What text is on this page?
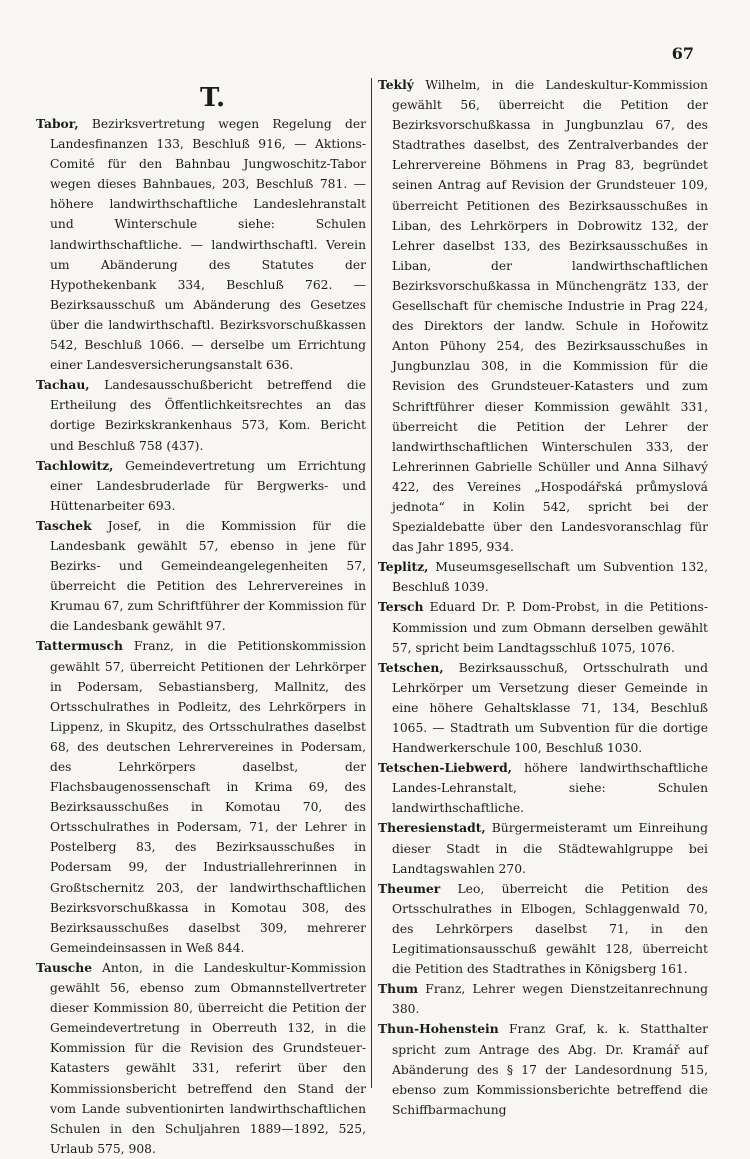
67
T.

Tabor, Bezirksvertretung wegen Regelung der Landesfinanzen 133, Beschluß 916, — Aktions-Comité für den Bahnbau Jungwoschitz-Tabor wegen dieses Bahnbaues, 203, Beschluß 781. — höhere landwirthschaftliche Landeslehranstalt und Winterschule siehe: Schulen landwirthschaftliche. — landwirthschaftl. Verein um Abänderung des Statutes der Hypothekenbank 334, Beschluß 762. — Bezirksausschuß um Abänderung des Gesetzes über die landwirthschaftl. Bezirksvorschußkassen 542, Beschluß 1066. — derselbe um Errichtung einer Landesversicherungsanstalt 636.

Tachau, Landesausschußbericht betreffend die Ertheilung des Öffentlichkeitsrechtes an das dortige Bezirkskrankenhaus 573, Kom. Bericht und Beschluß 758 (437).

Tachlowitz, Gemeindevertretung um Errichtung einer Landesbruderlade für Bergwerks- und Hüttenarbeiter 693.

Taschek Josef, in die Kommission für die Landesbank gewählt 57, ebenso in jene für Bezirks- und Gemeindeangelegenheiten 57, überreicht die Petition des Lehrervereines in Krumau 67, zum Schriftführer der Kommission für die Landesbank gewählt 97.

Tattermusch Franz, in die Petitionskommission gewählt 57, überreicht Petitionen der Lehrkörper in Podersam, Sebastiansberg, Mallnitz, des Ortsschulrathes in Podleitz, des Lehrkörpers in Lippenz, in Skupitz, des Ortsschulrathes daselbst 68, des deutschen Lehrervereines in Podersam, des Lehrkörpers daselbst, der Flachsbaugenossenschaft in Krima 69, des Bezirksausschußes in Komotau 70, des Ortsschulrathes in Podersam, 71, der Lehrer in Postelberg 83, des Bezirksausschußes in Podersam 99, der Industriallehrerinnen in Großtschernitz 203, der landwirthschaftlichen Bezirksvorschußkassa in Komotau 308, des Bezirksausschußes daselbst 309, mehrerer Gemeindeinsassen in Weß 844.

Tausche Anton, in die Landeskultur-Kommission gewählt 56, ebenso zum Obmannstellvertreter dieser Kommission 80, überreicht die Petition der Gemeindevertretung in Oberreuth 132, in die Kommission für die Revision des Grundsteuer-Katasters gewählt 331, referirt über den Kommissionsbericht betreffend den Stand der vom Lande subventionirten landwirthschaftlichen Schulen in den Schuljahren 1889—1892, 525, Urlaub 575, 908.

Teklý Wilhelm, in die Landeskultur-Kommission gewählt 56, überreicht die Petition der Bezirksvorschußkassa in Jungbunzlau 67, des Stadtrathes daselbst, des Zentralverbandes der Lehrervereine Böhmens in Prag 83, begründet seinen Antrag auf Revision der Grundsteuer 109, überreicht Petitionen des Bezirksausschußes in Liban, des Lehrkörpers in Dobrowitz 132, der Lehrer daselbst 133, des Bezirksausschußes in Liban, der landwirthschaftlichen Bezirksvorschußkassa in Münchengrätz 133, der Gesellschaft für chemische Industrie in Prag 224, des Direktors der landw. Schule in Hořowitz Anton Pühony 254, des Bezirksausschußes in Jungbunzlau 308, in die Kommission für die Revision des Grundsteuer-Katasters und zum Schriftführer dieser Kommission gewählt 331, überreicht die Petition der Lehrer der landwirthschaftlichen Winterschulen 333, der Lehrerinnen Gabrielle Schüller und Anna Silhavý 422, des Vereines „Hospodářská průmyslová jednota“ in Kolin 542, spricht bei der Spezialdebatte über den Landesvoranschlag für das Jahr 1895, 934.

Teplitz, Museumsgesellschaft um Subvention 132, Beschluß 1039.

Tersch Eduard Dr. P. Dom-Probst, in die Petitions-Kommission und zum Obmann derselben gewählt 57, spricht beim Landtagsschluß 1075, 1076.

Tetschen, Bezirksausschuß, Ortsschulrath und Lehrkörper um Versetzung dieser Gemeinde in eine höhere Gehaltsklasse 71, 134, Beschluß 1065. — Stadtrath um Subvention für die dortige Handwerkerschule 100, Beschluß 1030.

Tetschen-Liebwerd, höhere landwirthschaftliche Landes-Lehranstalt, siehe: Schulen landwirthschaftliche.

Theresienstadt, Bürgermeisteramt um Einreihung dieser Stadt in die Städtewahlgruppe bei Landtagswahlen 270.

Theumer Leo, überreicht die Petition des Ortsschulrathes in Elbogen, Schlaggenwald 70, des Lehrkörpers daselbst 71, in den Legitimationsausschuß gewählt 128, überreicht die Petition des Stadtrathes in Königsberg 161.

Thum Franz, Lehrer wegen Dienstzeitanrechnung 380.

Thun-Hohenstein Franz Graf, k. k. Statthalter spricht zum Antrage des Abg. Dr. Kramář auf Abänderung des § 17 der Landesordnung 515, ebenso zum Kommissionsberichte betreffend die Schiffbarmachung
